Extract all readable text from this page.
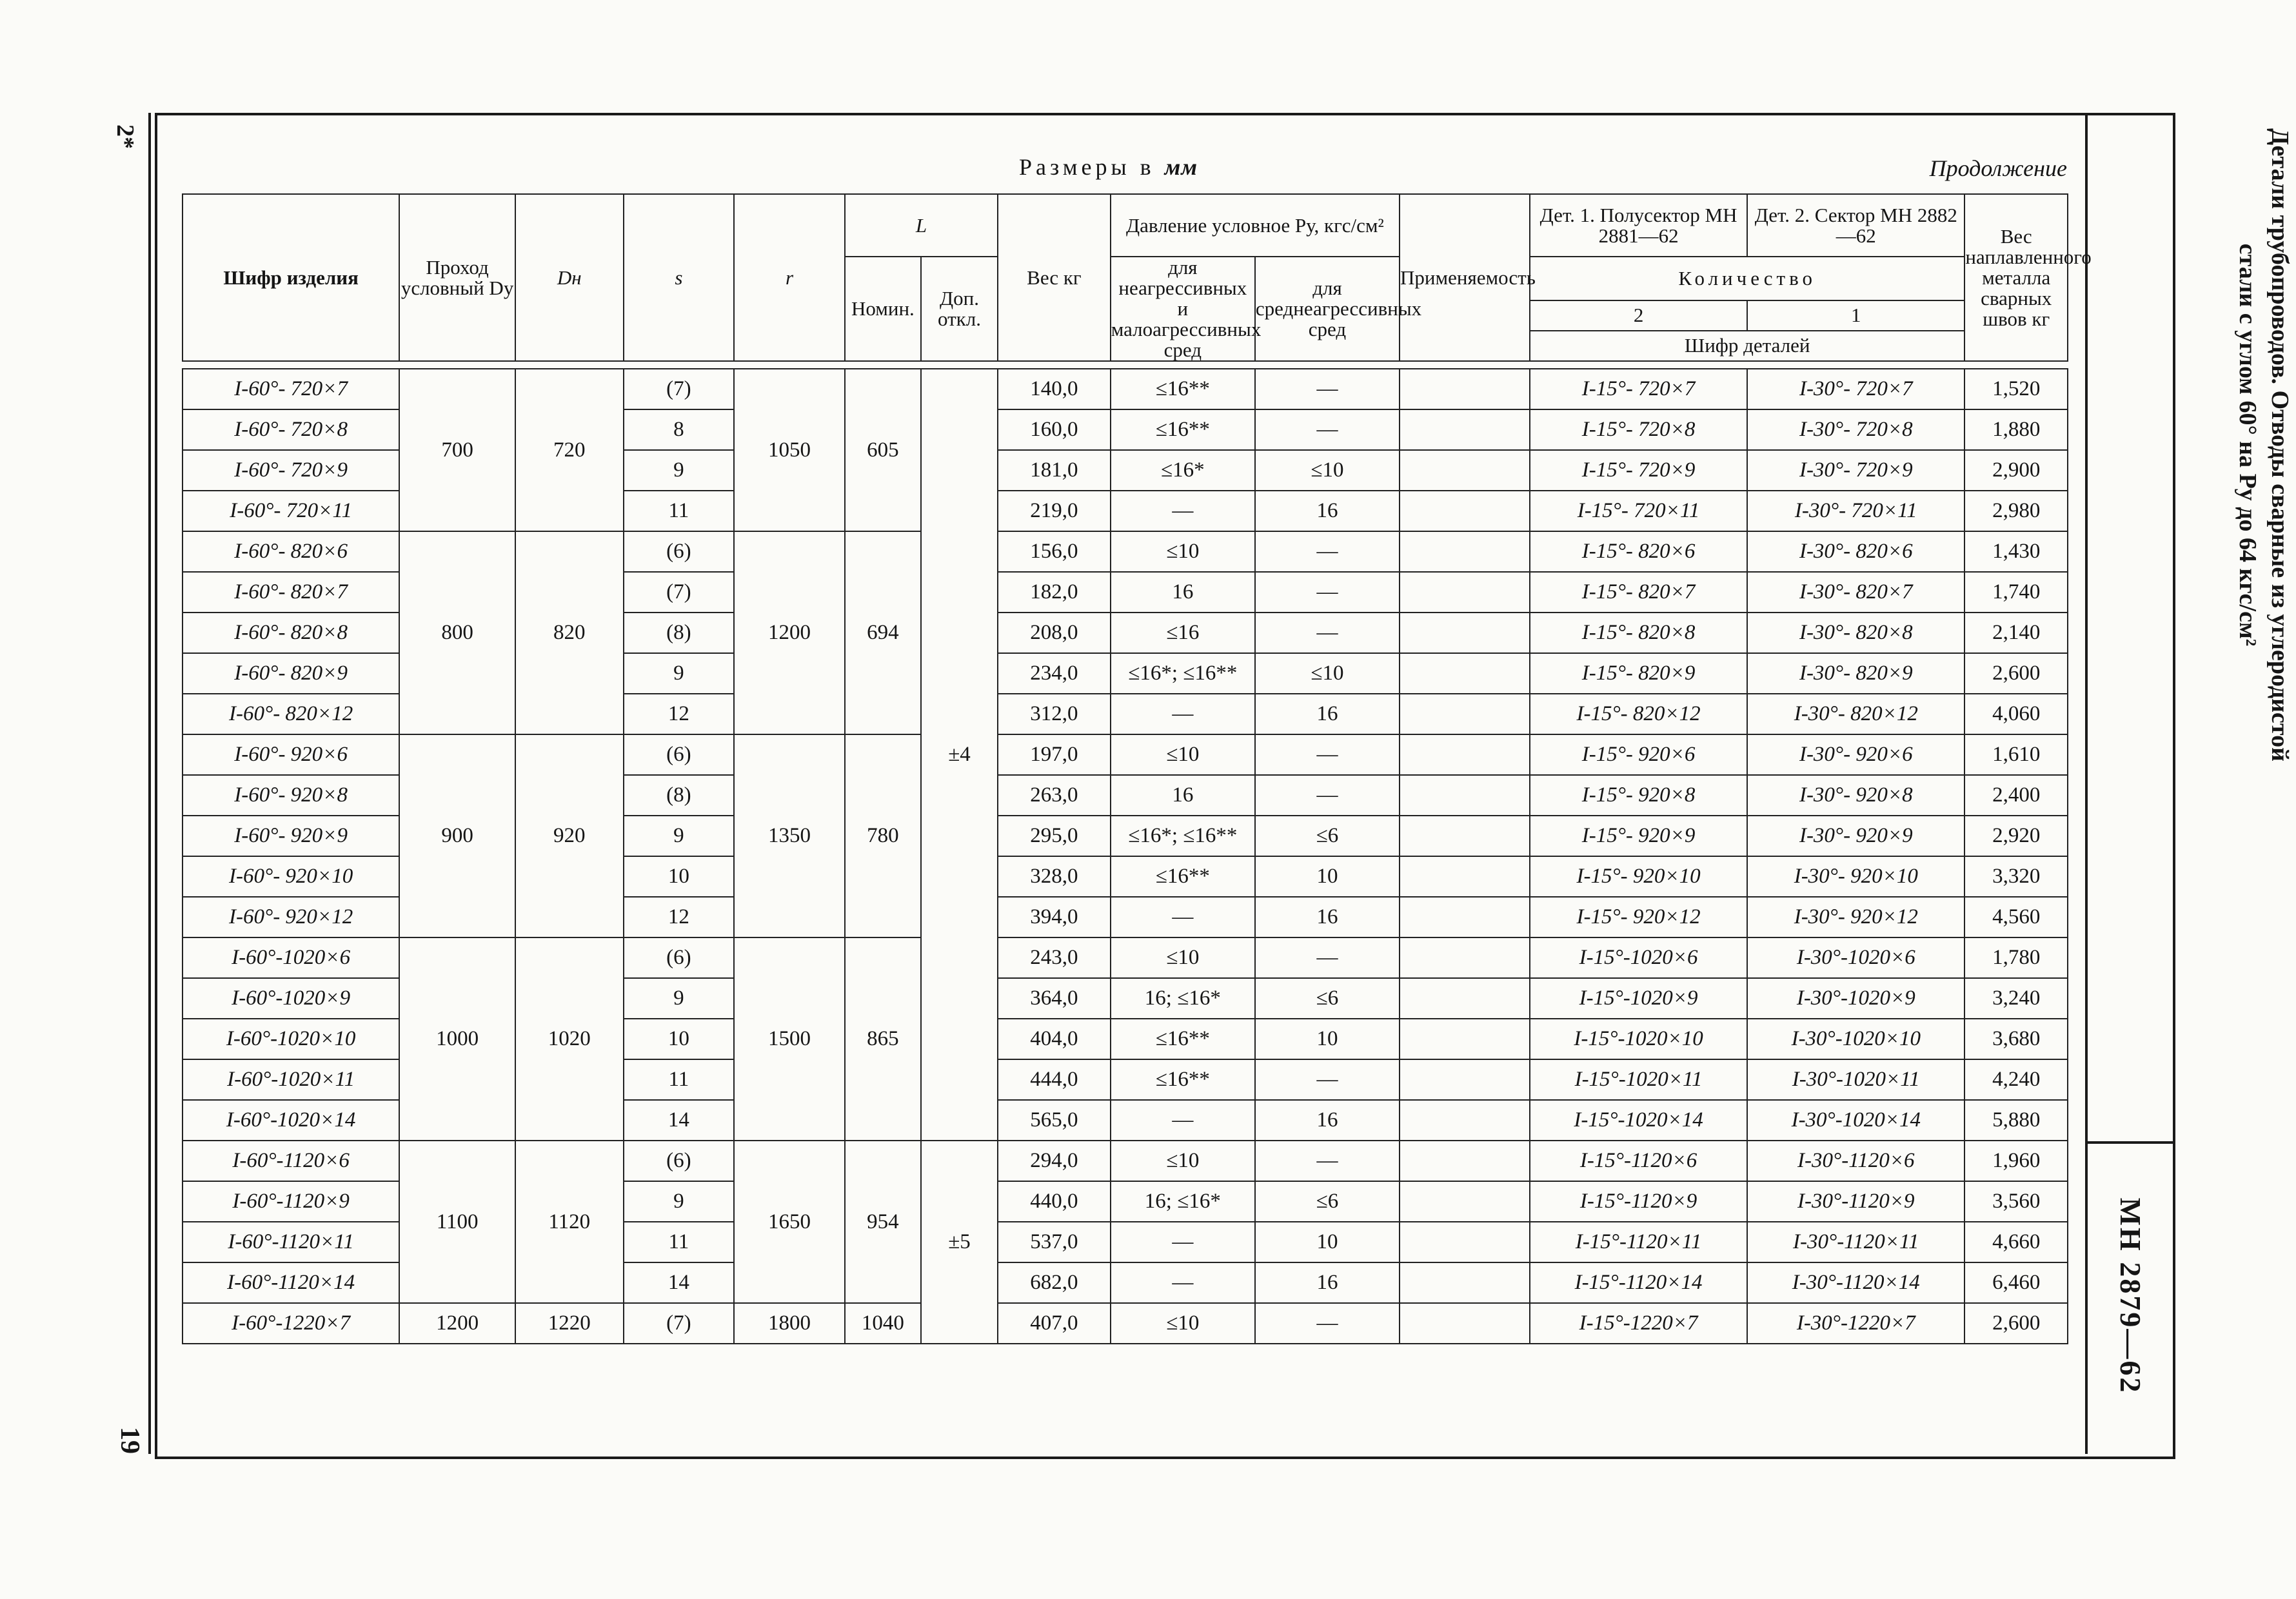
2*
19
Размеры в мм	Продолжение	Детали трубопроводов. Отводы сварные из углеродистой стали с углом 60° на Pу до 64 кгс/см²
МН 2879—62
Шифр изделия	Проход условный Dу	Dн	s	r	L		Вес кг	Давление условное Pу, кгс/см²		Применяемость	Дет. 1. Полусектор МН 2881—62	Дет. 2. Сектор МН 2882—62	Вес наплавленного металла сварных швов кг
					Номин.	Доп. откл.		для неагрессивных и малоагрессивных сред	для среднеагрессивных сред		Количество		
											2	1	
											Шифр деталей		

I-60°- 720×7	700	720	(7)	1050	605	±4	140,0	≤16**	—		I-15°- 720×7	I-30°- 720×7	1,520
I-60°- 720×8			8				160,0	≤16**	—		I-15°- 720×8	I-30°- 720×8	1,880
I-60°- 720×9			9				181,0	≤16*	≤10		I-15°- 720×9	I-30°- 720×9	2,900
I-60°- 720×11			11				219,0	—	16		I-15°- 720×11	I-30°- 720×11	2,980
I-60°- 820×6	800	820	(6)	1200	694		156,0	≤10	—		I-15°- 820×6	I-30°- 820×6	1,430
I-60°- 820×7			(7)				182,0	16	—		I-15°- 820×7	I-30°- 820×7	1,740
I-60°- 820×8			(8)				208,0	≤16	—		I-15°- 820×8	I-30°- 820×8	2,140
I-60°- 820×9			9				234,0	≤16*; ≤16**	≤10		I-15°- 820×9	I-30°- 820×9	2,600
I-60°- 820×12			12				312,0	—	16		I-15°- 820×12	I-30°- 820×12	4,060
I-60°- 920×6	900	920	(6)	1350	780		197,0	≤10	—		I-15°- 920×6	I-30°- 920×6	1,610
I-60°- 920×8			(8)				263,0	16	—		I-15°- 920×8	I-30°- 920×8	2,400
I-60°- 920×9			9				295,0	≤16*; ≤16**	≤6		I-15°- 920×9	I-30°- 920×9	2,920
I-60°- 920×10			10				328,0	≤16**	10		I-15°- 920×10	I-30°- 920×10	3,320
I-60°- 920×12			12				394,0	—	16		I-15°- 920×12	I-30°- 920×12	4,560
I-60°-1020×6	1000	1020	(6)	1500	865		243,0	≤10	—		I-15°-1020×6	I-30°-1020×6	1,780
I-60°-1020×9			9				364,0	16; ≤16*	≤6		I-15°-1020×9	I-30°-1020×9	3,240
I-60°-1020×10			10				404,0	≤16**	10		I-15°-1020×10	I-30°-1020×10	3,680
I-60°-1020×11			11				444,0	≤16**	—		I-15°-1020×11	I-30°-1020×11	4,240
I-60°-1020×14			14				565,0	—	16		I-15°-1020×14	I-30°-1020×14	5,880
I-60°-1120×6	1100	1120	(6)	1650	954	±5	294,0	≤10	—		I-15°-1120×6	I-30°-1120×6	1,960
I-60°-1120×9			9				440,0	16; ≤16*	≤6		I-15°-1120×9	I-30°-1120×9	3,560
I-60°-1120×11			11				537,0	—	10		I-15°-1120×11	I-30°-1120×11	4,660
I-60°-1120×14			14				682,0	—	16		I-15°-1120×14	I-30°-1120×14	6,460
I-60°-1220×7	1200	1220	(7)	1800	1040		407,0	≤10	—		I-15°-1220×7	I-30°-1220×7	2,600
